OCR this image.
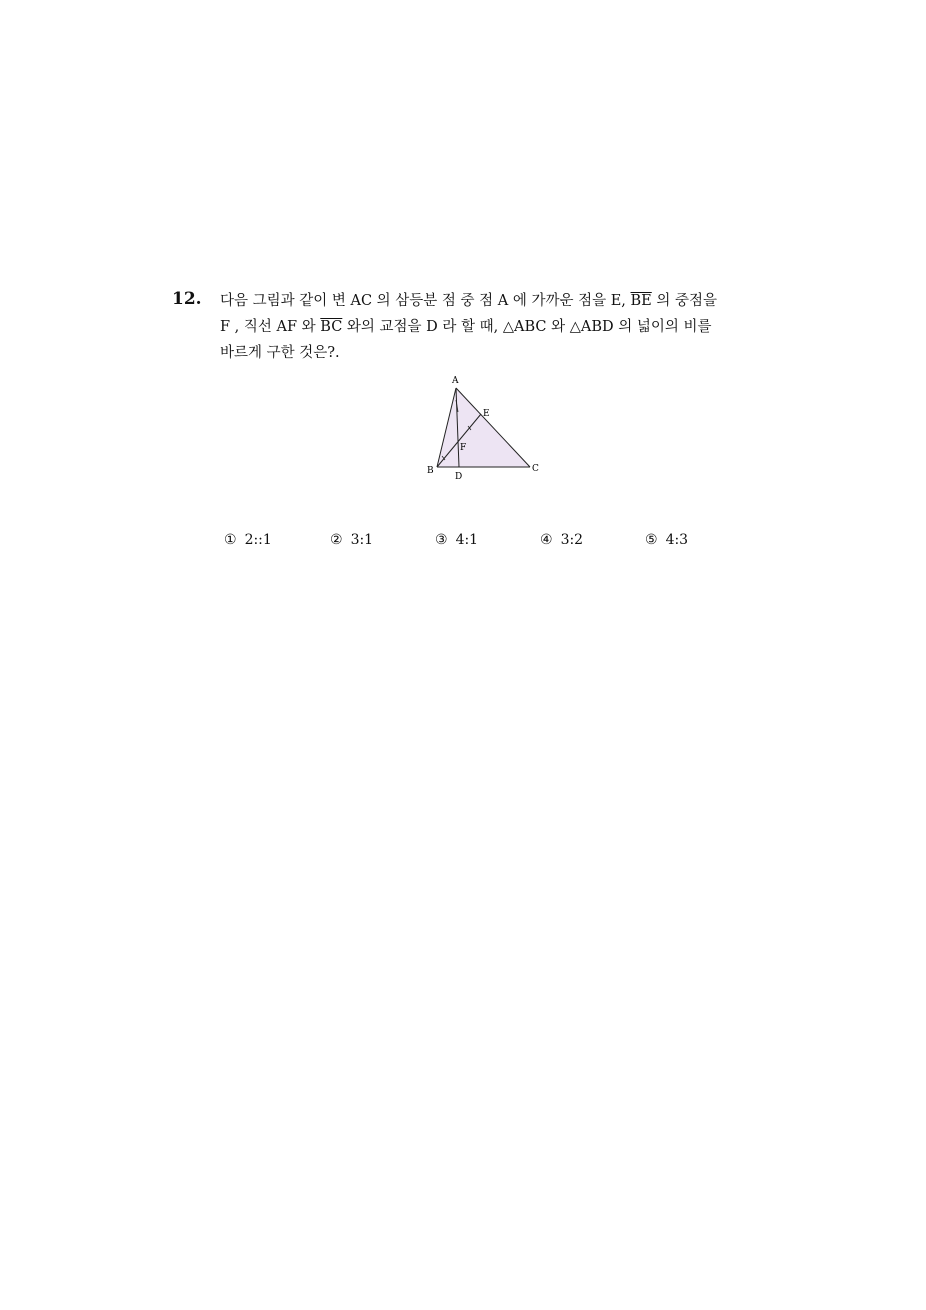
12. 다음 그림과 같이 변 AC 의 삼등분 점 중 점 A 에 가까운 점을 E, $\overline{BE}$ 의 중점을
F , 직선 AF 와 $\overline{BC}$ 와의 교점을 D 라 할 때, △ABC 와 △ABD 의 넓이의 비를
바르게 구한 것은?.
A
E
F
B
D
C
① 2::1	② 3:1	③ 4:1	④ 3:2	⑤ 4:3
